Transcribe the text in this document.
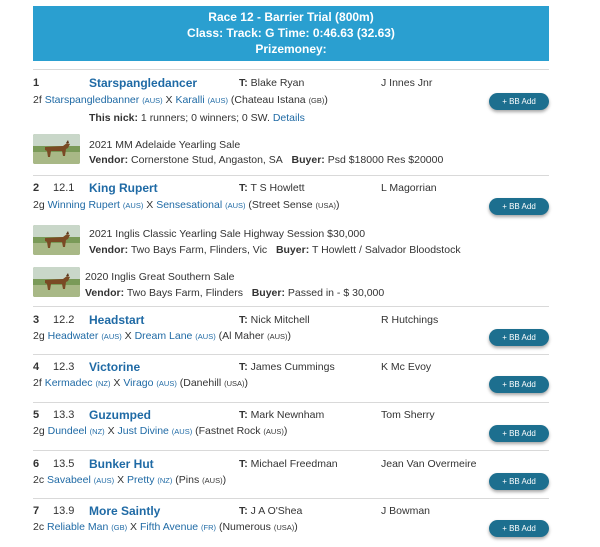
Race 12 - Barrier Trial (800m)
Class: Track: G Time: 0:46.63 (32.63)
Prizemoney:
1	Starspangledancer	T: Blake Ryan	J Innes Jnr
2f Starspangledbanner (AUS) X Karalli (AUS) (Chateau Istana (GB))	+ BB Add
This nick: 1 runners; 0 winners; 0 SW. Details
2021 MM Adelaide Yearling Sale
Vendor: Cornerstone Stud, Angaston, SA Buyer: Psd $18000 Res $20000
2 12.1 King Rupert	T: T S Howlett	L Magorrian
2g Winning Rupert (AUS) X Sensesational (AUS) (Street Sense (USA))	+ BB Add
2021 Inglis Classic Yearling Sale Highway Session $30,000
Vendor: Two Bays Farm, Flinders, Vic Buyer: T Howlett / Salvador Bloodstock
2020 Inglis Great Southern Sale
Vendor: Two Bays Farm, Flinders Buyer: Passed in - $ 30,000
3 12.2 Headstart	T: Nick Mitchell	R Hutchings
2g Headwater (AUS) X Dream Lane (AUS) (Al Maher (AUS))	+ BB Add
4 12.3 Victorine	T: James Cummings	K Mc Evoy
2f Kermadec (NZ) X Virago (AUS) (Danehill (USA))	+ BB Add
5 13.3 Guzumped	T: Mark Newnham	Tom Sherry
2g Dundeel (NZ) X Just Divine (AUS) (Fastnet Rock (AUS))	+ BB Add
6 13.5 Bunker Hut	T: Michael Freedman	Jean Van Overmeire
2c Savabeel (AUS) X Pretty (NZ) (Pins (AUS))	+ BB Add
7 13.9 More Saintly	T: J A O'Shea	J Bowman
2c Reliable Man (GB) X Fifth Avenue (FR) (Numerous (USA))	+ BB Add
